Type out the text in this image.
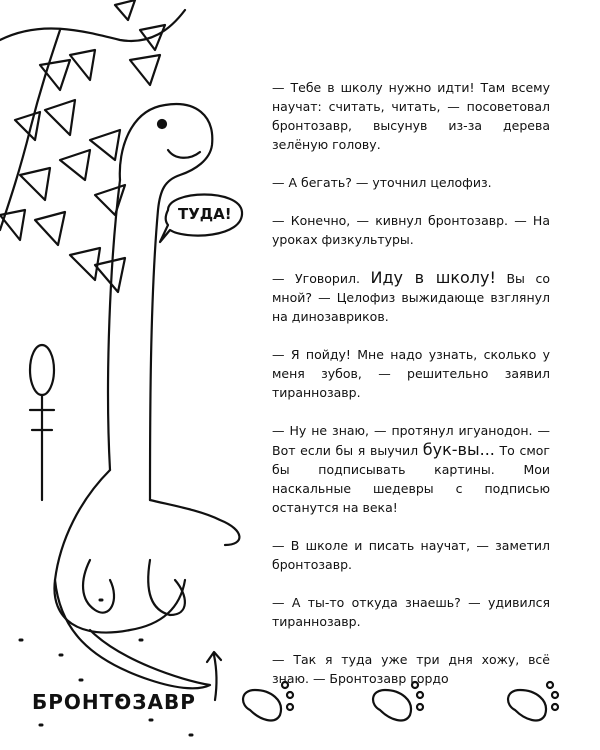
ТУДА!

— Тебе в школу нужно идти! Там всему научат: считать, читать, — посоветовал бронтозавр, высунув из-за дерева зелёную голову.

— А бегать? — уточнил целофиз.

— Конечно, — кивнул бронтозавр. — На уроках физкультуры.

— Уговорил. Иду в школу! Вы со мной? — Целофиз выжидающе взглянул на динозавриков.

— Я пойду! Мне надо узнать, сколько у меня зубов, — решительно заявил тираннозавр.

— Ну не знаю, — протянул игуанодон. — Вот если бы я выучил бук-вы... То смог бы подписывать картины. Мои наскальные шедевры с подписью останутся на века!

— В школе и писать научат, — заметил бронтозавр.

— А ты-то откуда знаешь? — удивился тираннозавр.

— Так я туда уже три дня хожу, всё знаю. — Бронтозавр гордо

БРОНТОЗАВР
